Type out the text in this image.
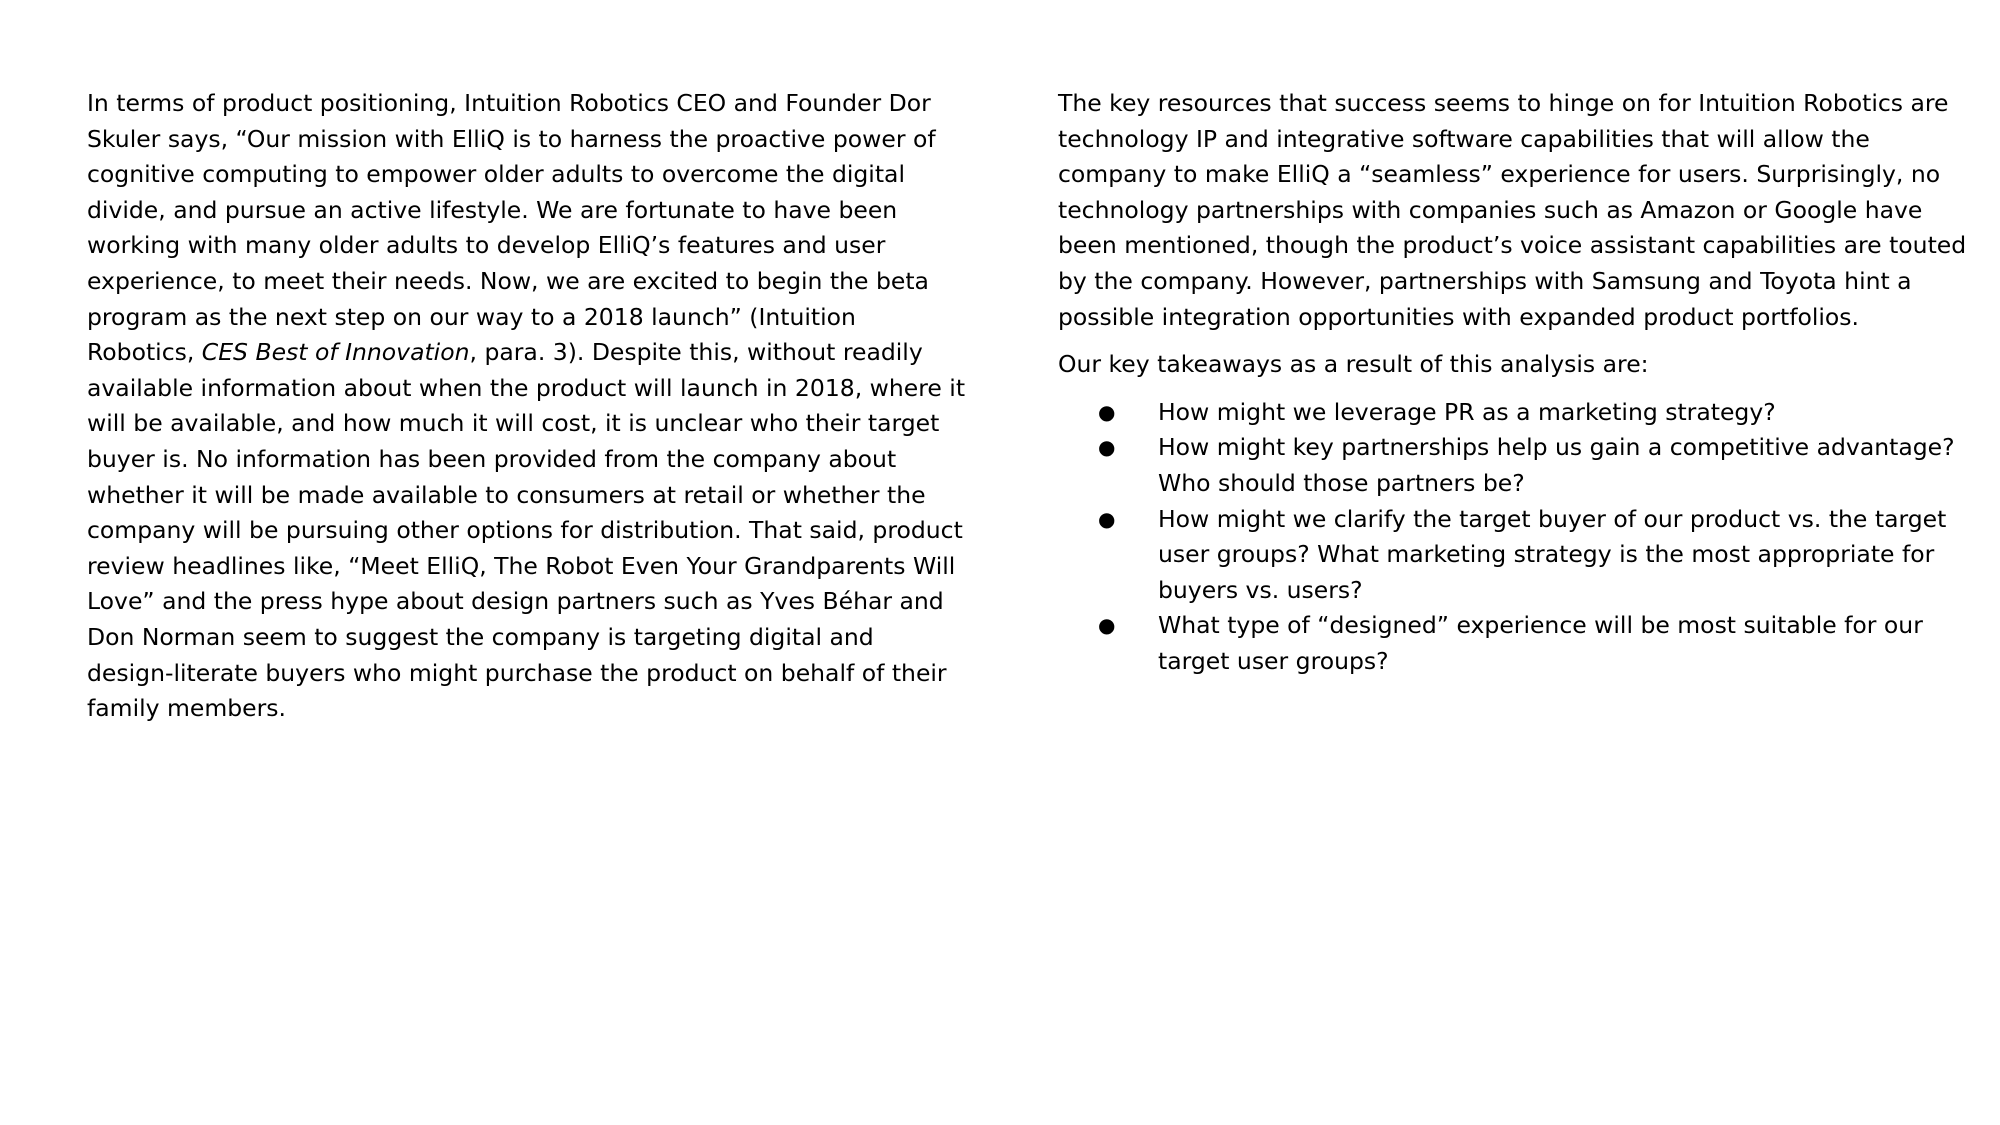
In terms of product positioning, Intuition Robotics CEO and Founder Dor Skuler says, “Our mission with ElliQ is to harness the proactive power of cognitive computing to empower older adults to overcome the digital divide, and pursue an active lifestyle. We are fortunate to have been working with many older adults to develop ElliQ’s features and user experience, to meet their needs. Now, we are excited to begin the beta program as the next step on our way to a 2018 launch” (Intuition Robotics, CES Best of Innovation, para. 3). Despite this, without readily available information about when the product will launch in 2018, where it will be available, and how much it will cost, it is unclear who their target buyer is. No information has been provided from the company about whether it will be made available to consumers at retail or whether the company will be pursuing other options for distribution. That said, product review headlines like, “Meet ElliQ, The Robot Even Your Grandparents Will Love” and the press hype about design partners such as Yves Béhar and Don Norman seem to suggest the company is targeting digital and design-literate buyers who might purchase the product on behalf of their family members.

The key resources that success seems to hinge on for Intuition Robotics are technology IP and integrative software capabilities that will allow the company to make ElliQ a “seamless” experience for users. Surprisingly, no technology partnerships with companies such as Amazon or Google have been mentioned, though the product’s voice assistant capabilities are touted by the company. However, partnerships with Samsung and Toyota hint a possible integration opportunities with expanded product portfolios.

Our key takeaways as a result of this analysis are:

● How might we leverage PR as a marketing strategy?
● How might key partnerships help us gain a competitive advantage? Who should those partners be?
● How might we clarify the target buyer of our product vs. the target user groups? What marketing strategy is the most appropriate for buyers vs. users?
● What type of “designed” experience will be most suitable for our target user groups?
